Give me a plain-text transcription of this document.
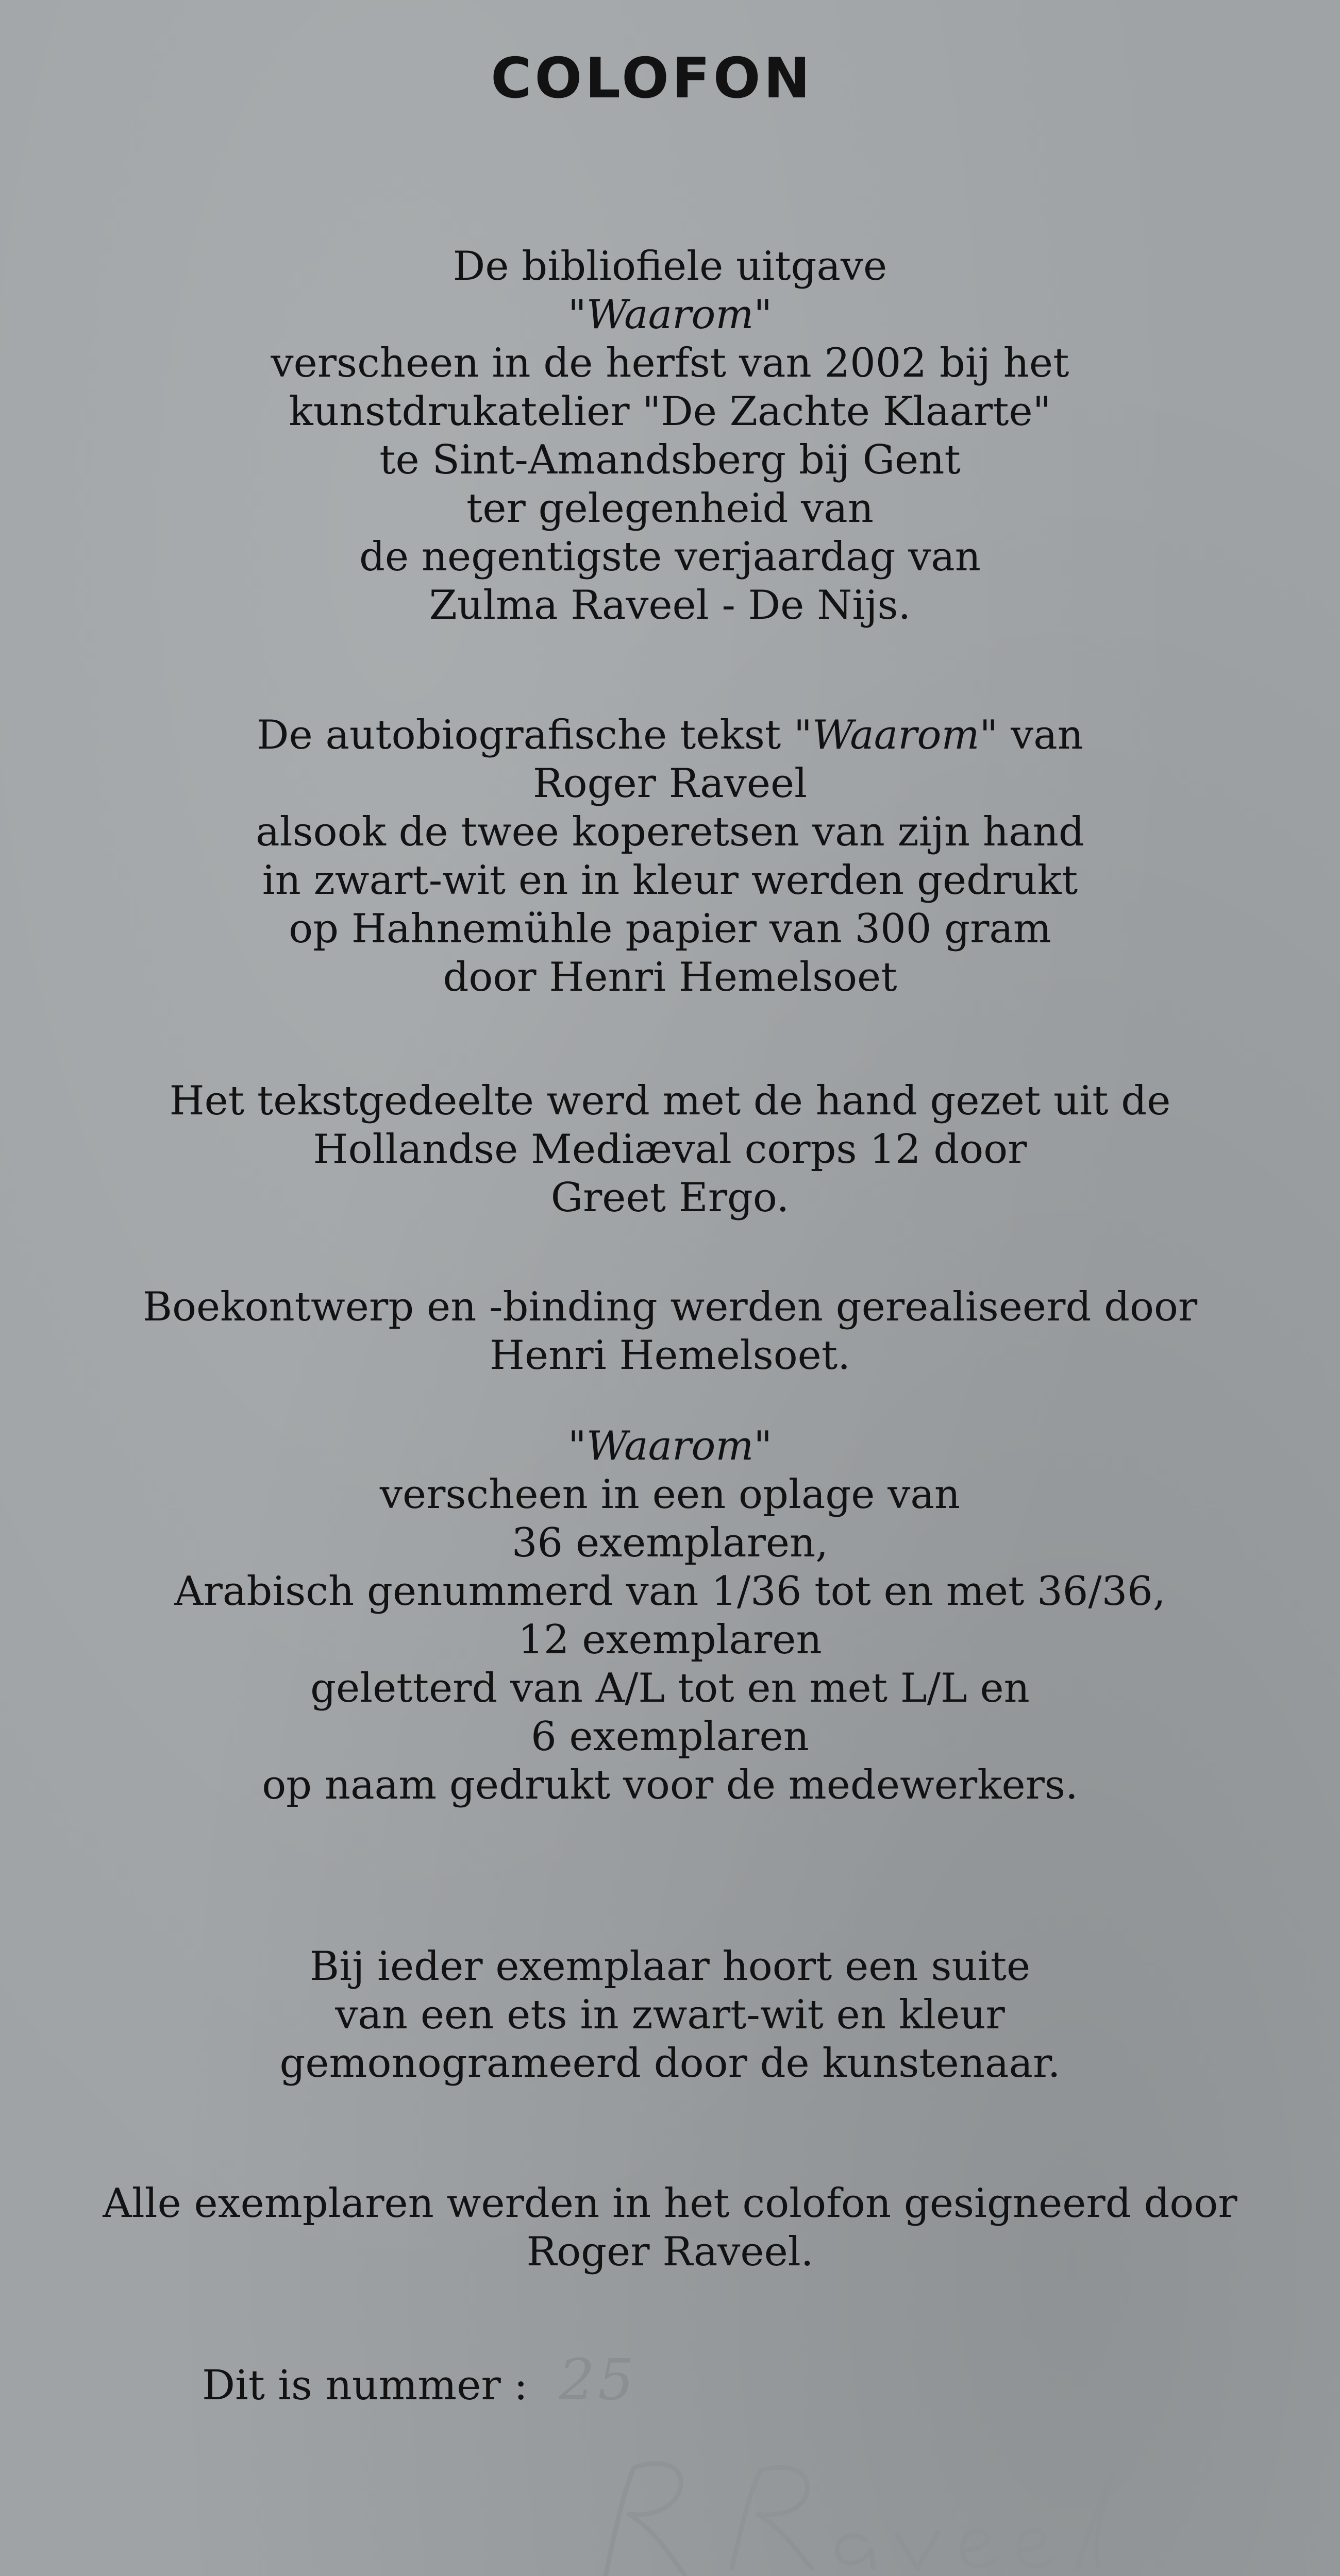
COLOFON
De bibliofiele uitgave
"Waarom"
verscheen in de herfst van 2002 bij het
kunstdrukatelier "De Zachte Klaarte"
te Sint-Amandsberg bij Gent
ter gelegenheid van
de negentigste verjaardag van
Zulma Raveel - De Nijs.
De autobiografische tekst "Waarom" van
Roger Raveel
alsook de twee koperetsen van zijn hand
in zwart-wit en in kleur werden gedrukt
op Hahnemühle papier van 300 gram
door Henri Hemelsoet
Het tekstgedeelte werd met de hand gezet uit de
Hollandse Mediæval corps 12 door
Greet Ergo.
Boekontwerp en -binding werden gerealiseerd door
Henri Hemelsoet.
"Waarom"
verscheen in een oplage van
36 exemplaren,
Arabisch genummerd van 1/36 tot en met 36/36,
12 exemplaren
geletterd van A/L tot en met L/L en
6 exemplaren
op naam gedrukt voor de medewerkers.
Bij ieder exemplaar hoort een suite
van een ets in zwart-wit en kleur
gemonogrameerd door de kunstenaar.
Alle exemplaren werden in het colofon gesigneerd door
Roger Raveel.
Dit is nummer : 25
